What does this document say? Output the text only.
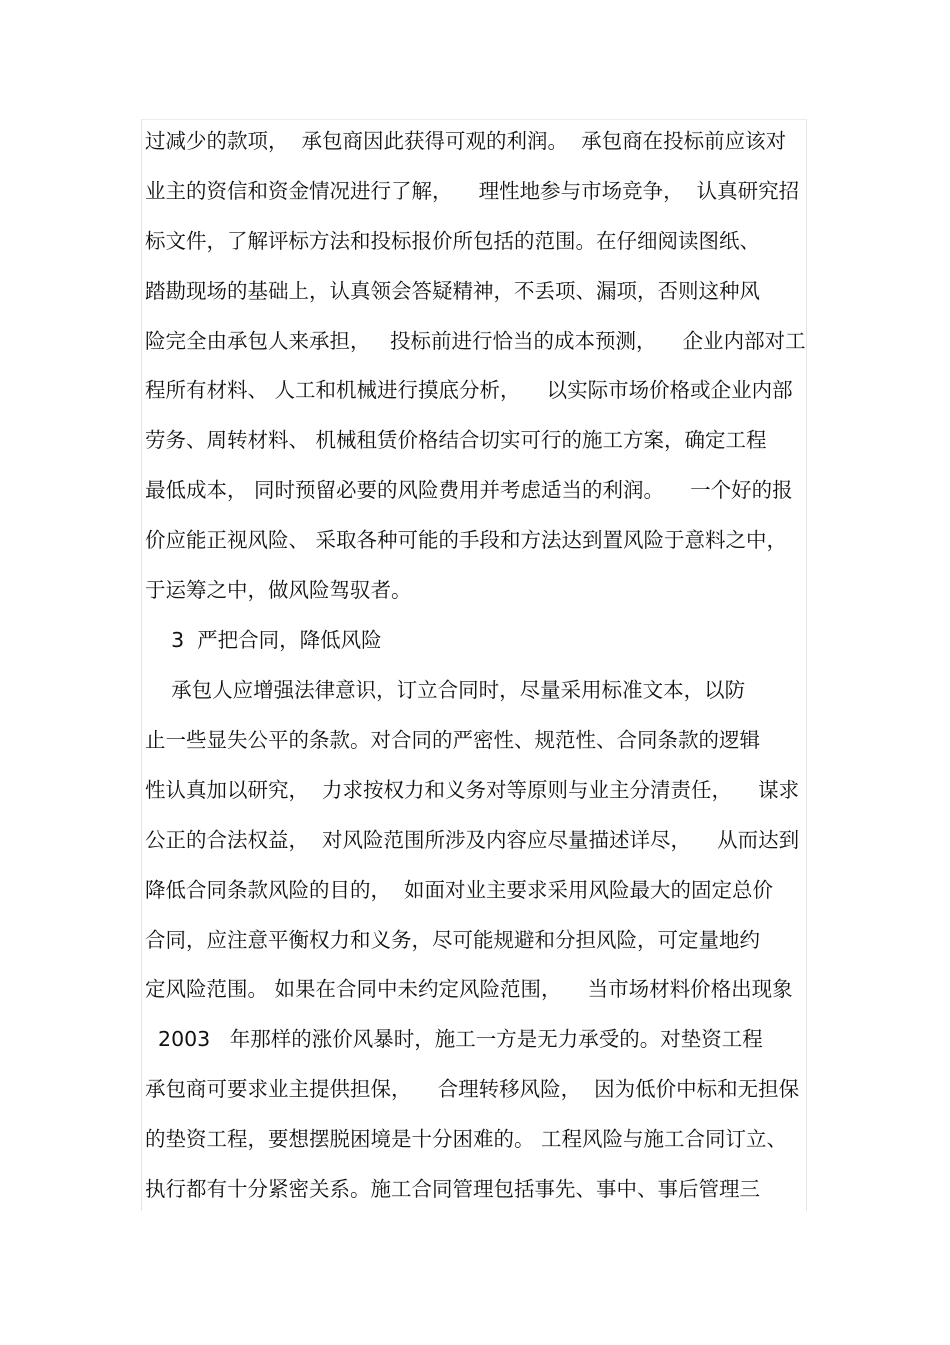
过减少的款项，  承包商因此获得可观的利润。  承包商在投标前应该对
业主的资信和资金情况进行了解，    理性地参与市场竞争，  认真研究招
标文件，了解评标方法和投标报价所包括的范围。在仔细阅读图纸、
踏勘现场的基础上，认真领会答疑精神，不丢项、漏项，否则这种风
险完全由承包人来承担，   投标前进行恰当的成本预测，    企业内部对工
程所有材料、 人工和机械进行摸底分析，    以实际市场价格或企业内部
劳务、周转材料、 机械租赁价格结合切实可行的施工方案，确定工程
最低成本， 同时预留必要的风险费用并考虑适当的利润。    一个好的报
价应能正视风险、 采取各种可能的手段和方法达到置风险于意料之中，
于运筹之中，做风险驾驭者。
3  严把合同，降低风险
承包人应增强法律意识，订立合同时，尽量采用标准文本，以防
止一些显失公平的条款。对合同的严密性、规范性、合同条款的逻辑
性认真加以研究，  力求按权力和义务对等原则与业主分清责任，    谋求
公正的合法权益，  对风险范围所涉及内容应尽量描述详尽，    从而达到
降低合同条款风险的目的，  如面对业主要求采用风险最大的固定总价
合同，应注意平衡权力和义务，尽可能规避和分担风险，可定量地约
定风险范围。 如果在合同中未约定风险范围，    当市场材料价格出现象
2003   年那样的涨价风暴时，施工一方是无力承受的。对垫资工程
承包商可要求业主提供担保，    合理转移风险，  因为低价中标和无担保
的垫资工程，要想摆脱困境是十分困难的。 工程风险与施工合同订立、
执行都有十分紧密关系。施工合同管理包括事先、事中、事后管理三
